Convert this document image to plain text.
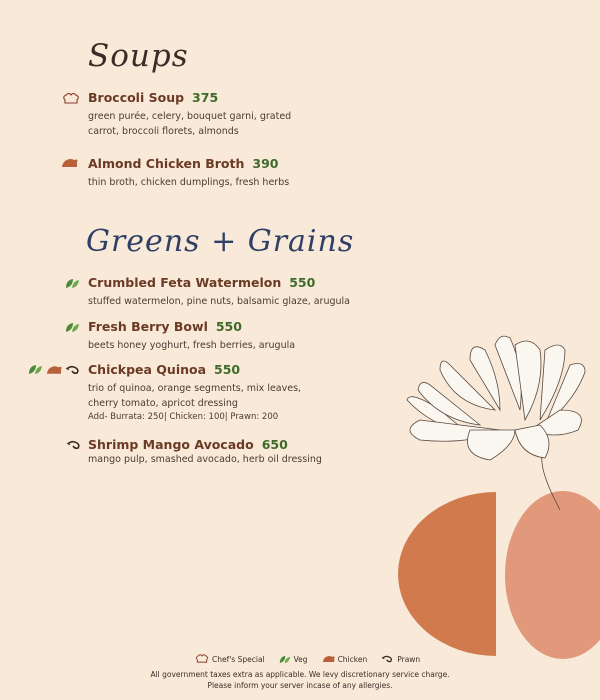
Soups
Broccoli Soup 375
green purée, celery, bouquet garni, grated
carrot, broccoli florets, almonds
Almond Chicken Broth 390
thin broth, chicken dumplings, fresh herbs
Greens + Grains
Crumbled Feta Watermelon 550
stuffed watermelon, pine nuts, balsamic glaze, arugula
Fresh Berry Bowl 550
beets honey yoghurt, fresh berries, arugula
Chickpea Quinoa 550
trio of quinoa, orange segments, mix leaves,
cherry tomato, apricot dressing
Add- Burrata: 250| Chicken: 100| Prawn: 200
Shrimp Mango Avocado 650
mango pulp, smashed avocado, herb oil dressing
Chef's Special	Veg	Chicken	Prawn
All government taxes extra as applicable. We levy discretionary service charge.
Please inform your server incase of any allergies.
